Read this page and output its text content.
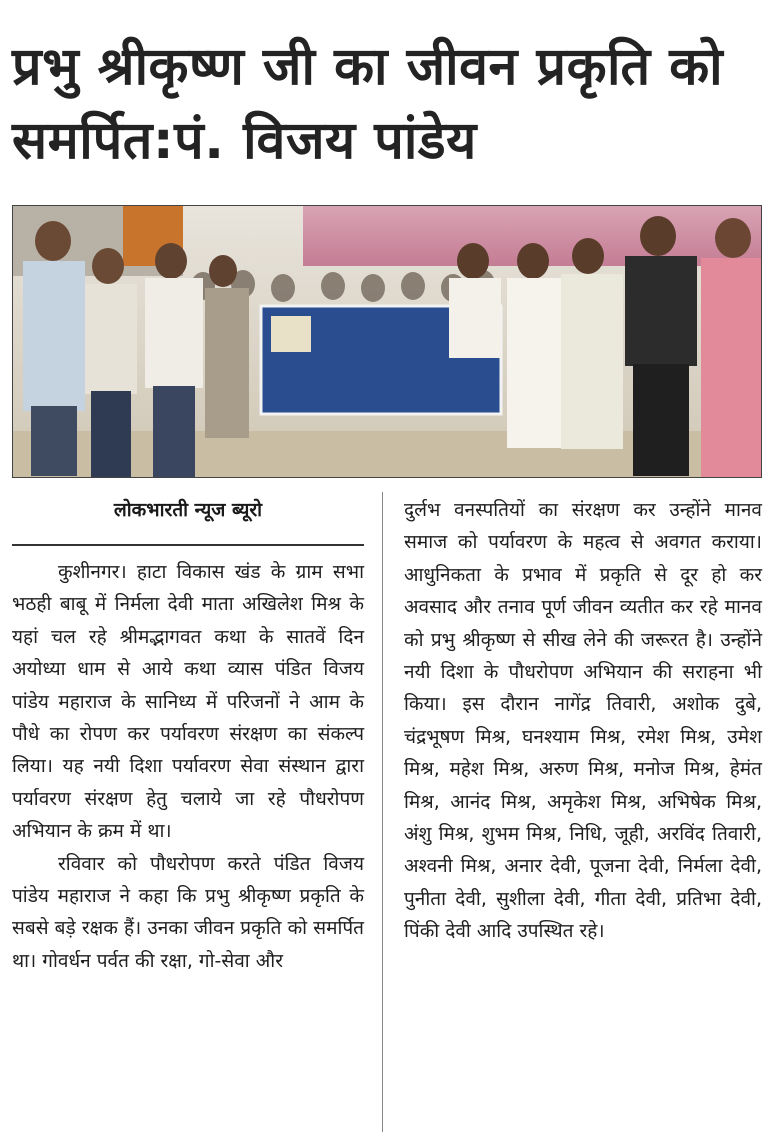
प्रभु श्रीकृष्ण जी का जीवन प्रकृति को समर्पित:पं. विजय पांडेय
लोकभारती न्यूज ब्यूरो

कुशीनगर। हाटा विकास खंड के ग्राम सभा भठही बाबू में निर्मला देवी माता अखिलेश मिश्र के यहां चल रहे श्रीमद्भागवत कथा के सातवें दिन अयोध्या धाम से आये कथा व्यास पंडित विजय पांडेय महाराज के सानिध्य में परिजनों ने आम के पौधे का रोपण कर पर्यावरण संरक्षण का संकल्प लिया। यह नयी दिशा पर्यावरण सेवा संस्थान द्वारा पर्यावरण संरक्षण हेतु चलाये जा रहे पौधरोपण अभियान के क्रम में था।

रविवार को पौधरोपण करते पंडित विजय पांडेय महाराज ने कहा कि प्रभु श्रीकृष्ण प्रकृति के सबसे बड़े रक्षक हैं। उनका जीवन प्रकृति को समर्पित था। गोवर्धन पर्वत की रक्षा, गो-सेवा और

दुर्लभ वनस्पतियों का संरक्षण कर उन्होंने मानव समाज को पर्यावरण के महत्व से अवगत कराया। आधुनिकता के प्रभाव में प्रकृति से दूर हो कर अवसाद और तनाव पूर्ण जीवन व्यतीत कर रहे मानव को प्रभु श्रीकृष्ण से सीख लेने की जरूरत है। उन्होंने नयी दिशा के पौधरोपण अभियान की सराहना भी किया। इस दौरान नागेंद्र तिवारी, अशोक दुबे, चंद्रभूषण मिश्र, घनश्याम मिश्र, रमेश मिश्र, उमेश मिश्र, महेश मिश्र, अरुण मिश्र, मनोज मिश्र, हेमंत मिश्र, आनंद मिश्र, अमृकेश मिश्र, अभिषेक मिश्र, अंशु मिश्र, शुभम मिश्र, निधि, जूही, अरविंद तिवारी, अश्वनी मिश्र, अनार देवी, पूजना देवी, निर्मला देवी, पुनीता देवी, सुशीला देवी, गीता देवी, प्रतिभा देवी, पिंकी देवी आदि उपस्थित रहे।
